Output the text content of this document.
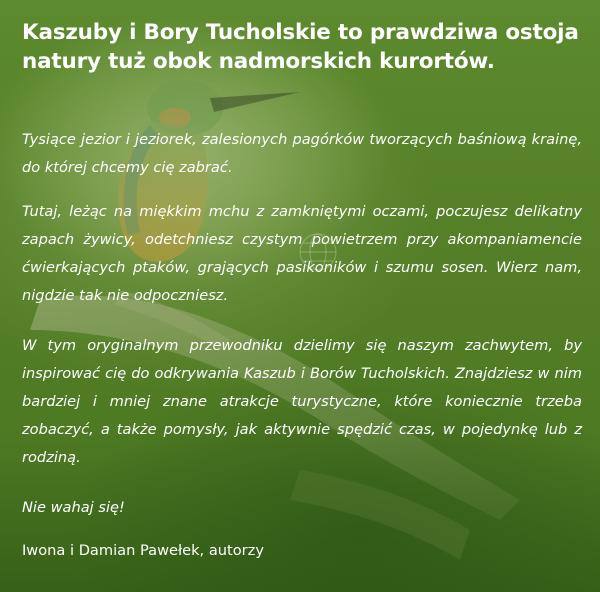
Kaszuby i Bory Tucholskie to prawdziwa ostoja natury tuż obok nadmorskich kurortów.

Tysiące jezior i jeziorek, zalesionych pagórków tworzących baśniową krainę, do której chcemy cię zabrać.

Tutaj, leżąc na miękkim mchu z zamkniętymi oczami, poczujesz delikatny zapach żywicy, odetchniesz czystym powietrzem przy akompaniamencie ćwierkających ptaków, grających pasikoników i szumu sosen. Wierz nam, nigdzie tak nie odpoczniesz.

W tym oryginalnym przewodniku dzielimy się naszym zachwytem, by inspirować cię do odkrywania Kaszub i Borów Tucholskich. Znajdziesz w nim bardziej i mniej znane atrakcje turystyczne, które koniecznie trzeba zobaczyć, a także pomysły, jak aktywnie spędzić czas, w pojedynkę lub z rodziną.

Nie wahaj się!

Iwona i Damian Pawełek, autorzy
